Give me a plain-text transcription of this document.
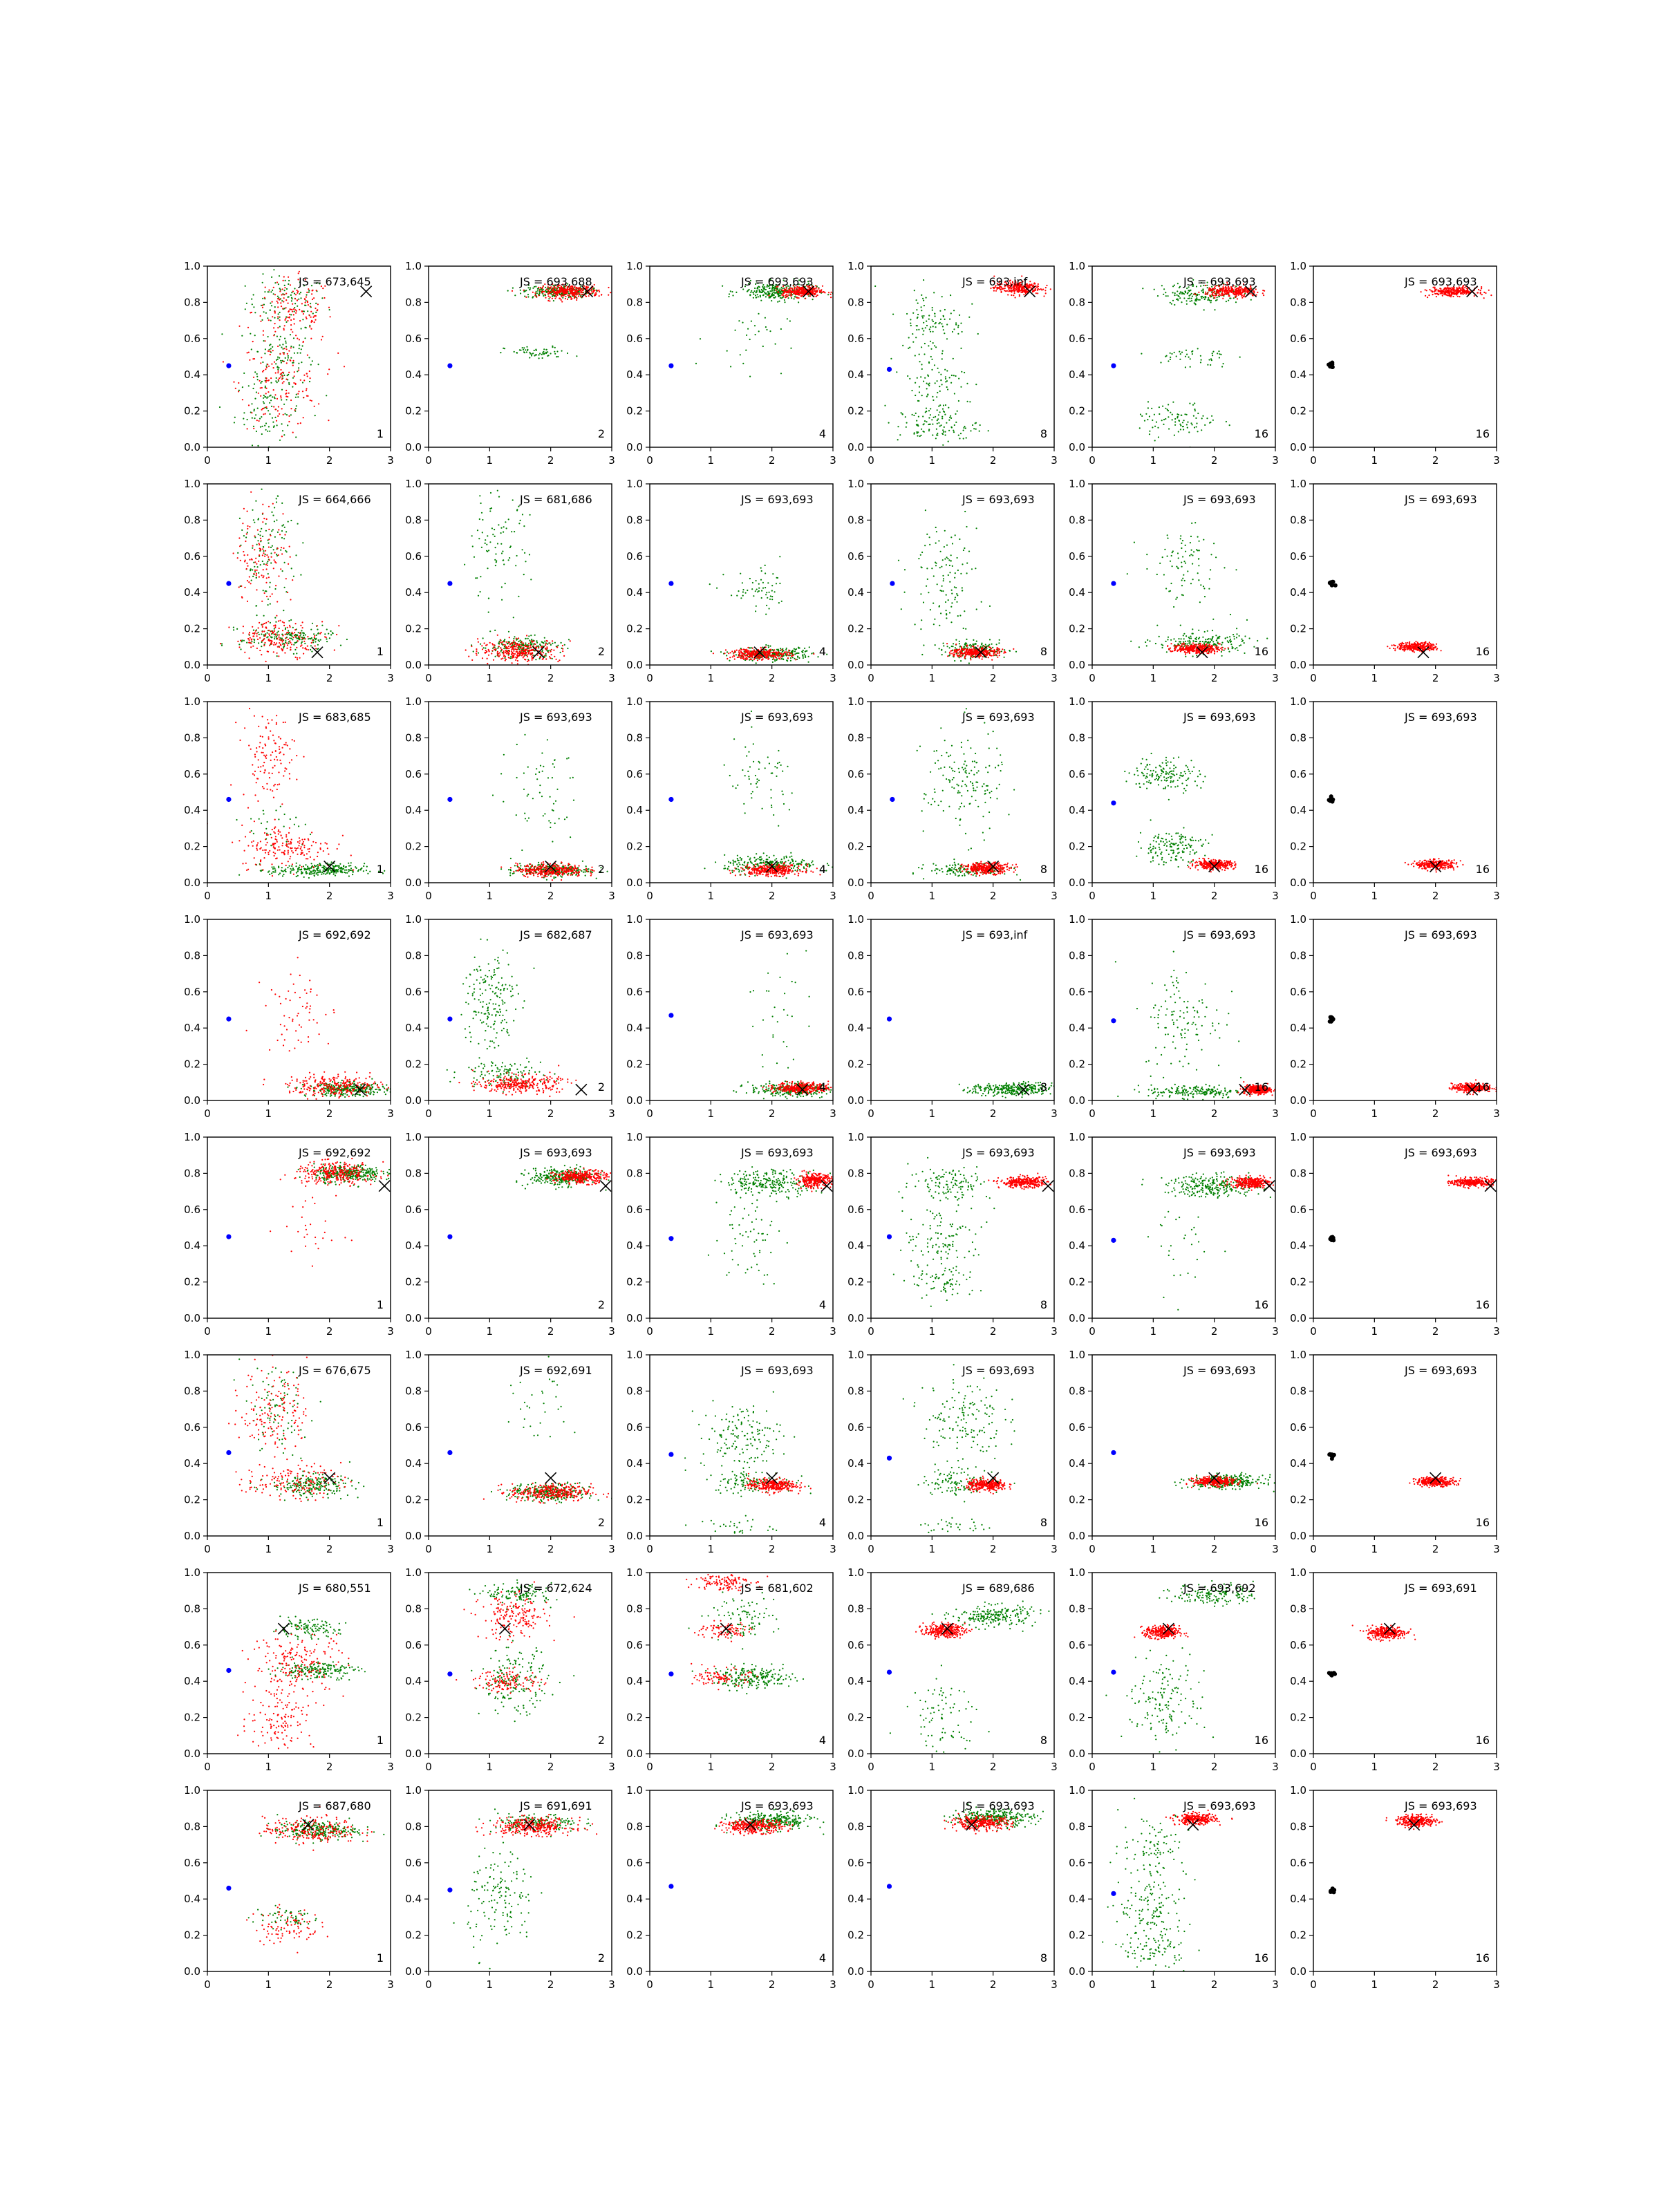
0	1	2	3
0.0
0.2
0.4
0.6
0.8
1.0
JS = 673,645
1
0	1	2	3
0.0
0.2
0.4
0.6
0.8
1.0
JS = 693,688
2
0	1	2	3
0.0
0.2
0.4
0.6
0.8
1.0
JS = 693,693
4
0	1	2	3
0.0
0.2
0.4
0.6
0.8
1.0
JS = 693,inf
8
0	1	2	3
0.0
0.2
0.4
0.6
0.8
1.0
JS = 693,693
16
0	1	2	3
0.0
0.2
0.4
0.6
0.8
1.0
JS = 693,693
16
0	1	2	3
0.0
0.2
0.4
0.6
0.8
1.0
JS = 664,666
1
0	1	2	3
0.0
0.2
0.4
0.6
0.8
1.0
JS = 681,686
2
0	1	2	3
0.0
0.2
0.4
0.6
0.8
1.0
JS = 693,693
4
0	1	2	3
0.0
0.2
0.4
0.6
0.8
1.0
JS = 693,693
8
0	1	2	3
0.0
0.2
0.4
0.6
0.8
1.0
JS = 693,693
16
0	1	2	3
0.0
0.2
0.4
0.6
0.8
1.0
JS = 693,693
16
0	1	2	3
0.0
0.2
0.4
0.6
0.8
1.0
JS = 683,685
1
0	1	2	3
0.0
0.2
0.4
0.6
0.8
1.0
JS = 693,693
2
0	1	2	3
0.0
0.2
0.4
0.6
0.8
1.0
JS = 693,693
4
0	1	2	3
0.0
0.2
0.4
0.6
0.8
1.0
JS = 693,693
8
0	1	2	3
0.0
0.2
0.4
0.6
0.8
1.0
JS = 693,693
16
0	1	2	3
0.0
0.2
0.4
0.6
0.8
1.0
JS = 693,693
16
0	1	2	3
0.0
0.2
0.4
0.6
0.8
1.0
JS = 692,692
0	1	2	3
0.0
0.2
0.4
0.6
0.8
1.0
JS = 682,687
2
0	1	2	3
0.0
0.2
0.4
0.6
0.8
1.0
JS = 693,693
4
0	1	2	3
0.0
0.2
0.4
0.6
0.8
1.0
JS = 693,inf
8
0	1	2	3
0.0
0.2
0.4
0.6
0.8
1.0
JS = 693,693
16
0	1	2	3
0.0
0.2
0.4
0.6
0.8
1.0
JS = 693,693
16
0	1	2	3
0.0
0.2
0.4
0.6
0.8
1.0
JS = 692,692
1
0	1	2	3
0.0
0.2
0.4
0.6
0.8
1.0
JS = 693,693
2
0	1	2	3
0.0
0.2
0.4
0.6
0.8
1.0
JS = 693,693
4
0	1	2	3
0.0
0.2
0.4
0.6
0.8
1.0
JS = 693,693
8
0	1	2	3
0.0
0.2
0.4
0.6
0.8
1.0
JS = 693,693
16
0	1	2	3
0.0
0.2
0.4
0.6
0.8
1.0
JS = 693,693
16
0	1	2	3
0.0
0.2
0.4
0.6
0.8
1.0
JS = 676,675
1
0	1	2	3
0.0
0.2
0.4
0.6
0.8
1.0
JS = 692,691
2
0	1	2	3
0.0
0.2
0.4
0.6
0.8
1.0
JS = 693,693
4
0	1	2	3
0.0
0.2
0.4
0.6
0.8
1.0
JS = 693,693
8
0	1	2	3
0.0
0.2
0.4
0.6
0.8
1.0
JS = 693,693
16
0	1	2	3
0.0
0.2
0.4
0.6
0.8
1.0
JS = 693,693
16
0	1	2	3
0.0
0.2
0.4
0.6
0.8
1.0
JS = 680,551
1
0	1	2	3
0.0
0.2
0.4
0.6
0.8
1.0
JS = 672,624
2
0	1	2	3
0.0
0.2
0.4
0.6
0.8
1.0
JS = 681,602
4
0	1	2	3
0.0
0.2
0.4
0.6
0.8
1.0
JS = 689,686
8
0	1	2	3
0.0
0.2
0.4
0.6
0.8
1.0
JS = 693,692
16
0	1	2	3
0.0
0.2
0.4
0.6
0.8
1.0
JS = 693,691
16
0	1	2	3
0.0
0.2
0.4
0.6
0.8
1.0
JS = 687,680
1
0	1	2	3
0.0
0.2
0.4
0.6
0.8
1.0
JS = 691,691
2
0	1	2	3
0.0
0.2
0.4
0.6
0.8
1.0
JS = 693,693
4
0	1	2	3
0.0
0.2
0.4
0.6
0.8
1.0
JS = 693,693
8
0	1	2	3
0.0
0.2
0.4
0.6
0.8
1.0
JS = 693,693
16
0	1	2	3
0.0
0.2
0.4
0.6
0.8
1.0
JS = 693,693
16
